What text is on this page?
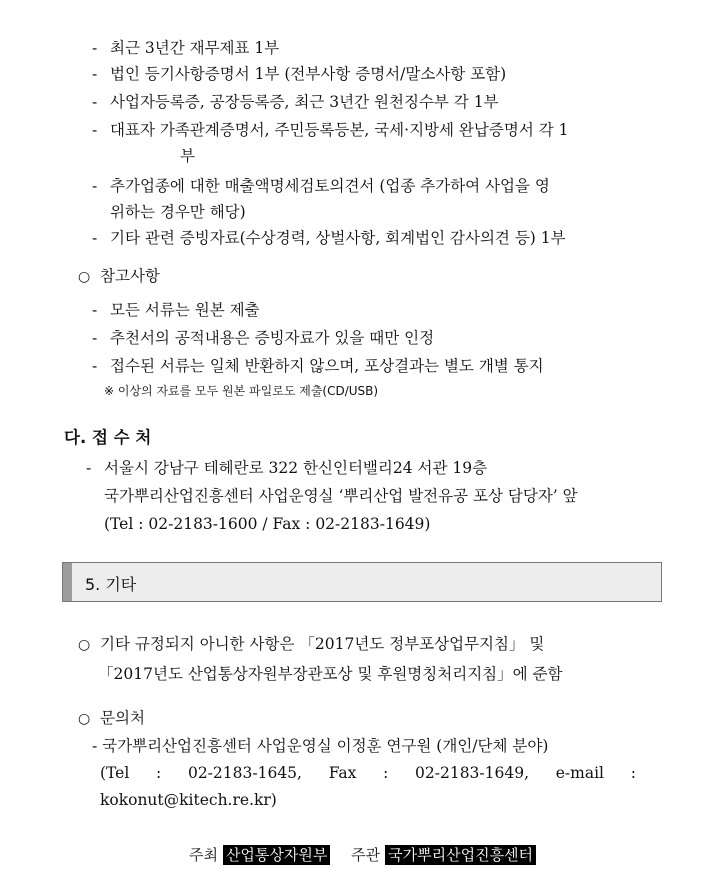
- 최근 3년간 재무제표 1부
- 법인 등기사항증명서 1부 (전부사항 증명서/말소사항 포함)
- 사업자등록증, 공장등록증, 최근 3년간 원천징수부 각 1부
- 대표자 가족관계증명서, 주민등록등본, 국세·지방세 완납증명서 각 1
부
- 추가업종에 대한 매출액명세검토의견서 (업종 추가하여 사업을 영
위하는 경우만 해당)
- 기타 관련 증빙자료(수상경력, 상벌사항, 회계법인 감사의견 등) 1부
○ 참고사항
- 모든 서류는 원본 제출
- 추천서의 공적내용은 증빙자료가 있을 때만 인정
- 접수된 서류는 일체 반환하지 않으며, 포상결과는 별도 개별 통지
※ 이상의 자료를 모두 원본 파일로도 제출(CD/USB)
다. 접 수 처
- 서울시 강남구 테헤란로 322 한신인터밸리24 서관 19층
국가뿌리산업진흥센터 사업운영실 ‘뿌리산업 발전유공 포상 담당자’ 앞
(Tel : 02-2183-1600 / Fax : 02-2183-1649)
5. 기타
○ 기타 규정되지 아니한 사항은 「2017년도 정부포상업무지침」 및
「2017년도 산업통상자원부장관포상 및 후원명칭처리지침」에 준함
○ 문의처
- 국가뿌리산업진흥센터 사업운영실 이정훈 연구원 (개인/단체 분야)
(Tel : 02-2183-1645, Fax : 02-2183-1649, e-mail :
kokonut@kitech.re.kr)
주최 산업통상자원부 주관 국가뿌리산업진흥센터
